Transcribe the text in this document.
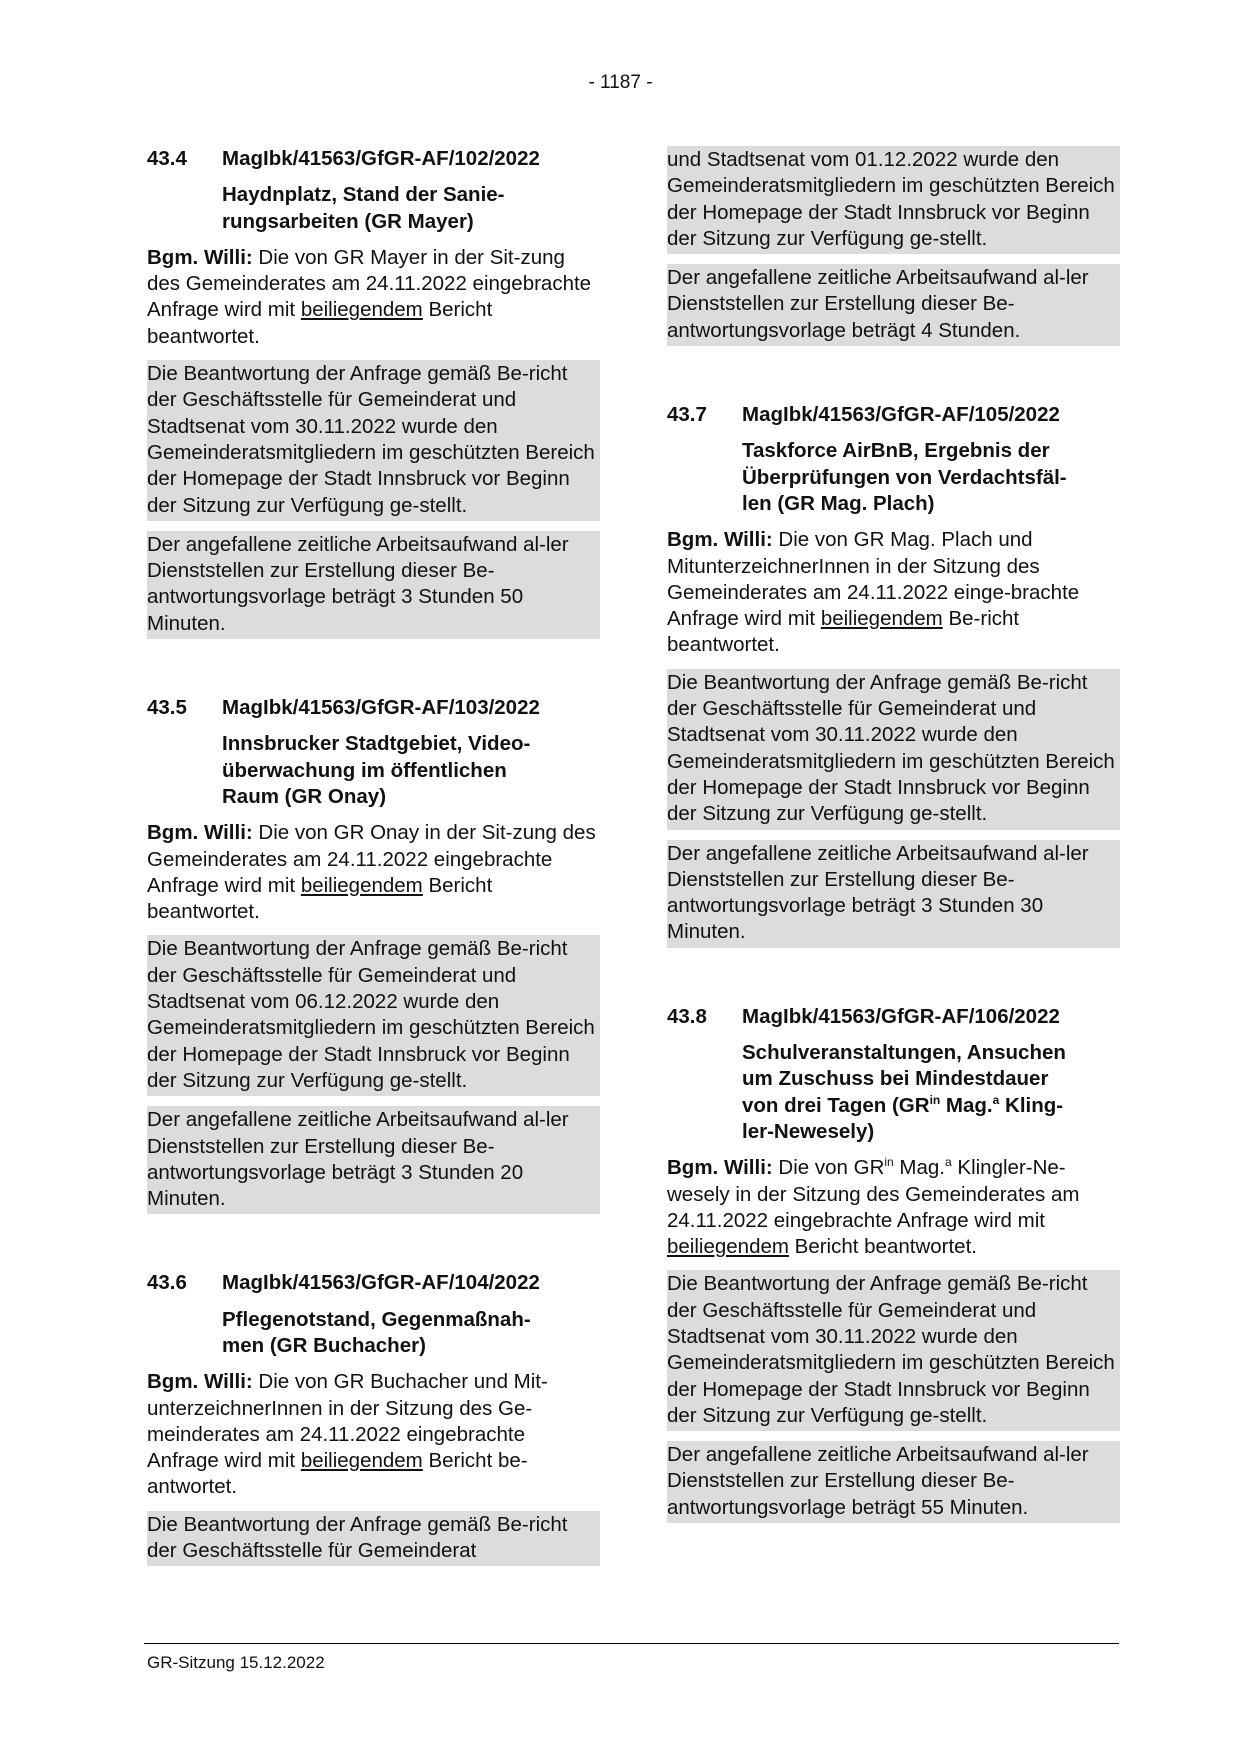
- 1187 -
43.4	MagIbk/41563/GfGR-AF/102/2022
Haydnplatz, Stand der Sanie-
rungsarbeiten (GR Mayer)

Bgm. Willi: Die von GR Mayer in der Sit-zung des Gemeinderates am 24.11.2022 eingebrachte Anfrage wird mit beiliegendem Bericht beantwortet.

Die Beantwortung der Anfrage gemäß Be-richt der Geschäftsstelle für Gemeinderat und Stadtsenat vom 30.11.2022 wurde den Gemeinderatsmitgliedern im geschützten Bereich der Homepage der Stadt Innsbruck vor Beginn der Sitzung zur Verfügung ge-stellt.

Der angefallene zeitliche Arbeitsaufwand al-ler Dienststellen zur Erstellung dieser Be-antwortungsvorlage beträgt 3 Stunden 50 Minuten.

43.5	MagIbk/41563/GfGR-AF/103/2022
Innsbrucker Stadtgebiet, Video-
überwachung im öffentlichen
Raum (GR Onay)

Bgm. Willi: Die von GR Onay in der Sit-zung des Gemeinderates am 24.11.2022 eingebrachte Anfrage wird mit beiliegendem Bericht beantwortet.

Die Beantwortung der Anfrage gemäß Be-richt der Geschäftsstelle für Gemeinderat und Stadtsenat vom 06.12.2022 wurde den Gemeinderatsmitgliedern im geschützten Bereich der Homepage der Stadt Innsbruck vor Beginn der Sitzung zur Verfügung ge-stellt.

Der angefallene zeitliche Arbeitsaufwand al-ler Dienststellen zur Erstellung dieser Be-antwortungsvorlage beträgt 3 Stunden 20 Minuten.

43.6	MagIbk/41563/GfGR-AF/104/2022
Pflegenotstand, Gegenmaßnah-
men (GR Buchacher)

Bgm. Willi: Die von GR Buchacher und Mit-unterzeichnerInnen in der Sitzung des Ge-meinderates am 24.11.2022 eingebrachte Anfrage wird mit beiliegendem Bericht be-antwortet.

Die Beantwortung der Anfrage gemäß Be-richt der Geschäftsstelle für Gemeinderat

und Stadtsenat vom 01.12.2022 wurde den Gemeinderatsmitgliedern im geschützten Bereich der Homepage der Stadt Innsbruck vor Beginn der Sitzung zur Verfügung ge-stellt.

Der angefallene zeitliche Arbeitsaufwand al-ler Dienststellen zur Erstellung dieser Be-antwortungsvorlage beträgt 4 Stunden.

43.7	MagIbk/41563/GfGR-AF/105/2022
Taskforce AirBnB, Ergebnis der
Überprüfungen von Verdachtsfäl-
len (GR Mag. Plach)

Bgm. Willi: Die von GR Mag. Plach und MitunterzeichnerInnen in der Sitzung des Gemeinderates am 24.11.2022 einge-brachte Anfrage wird mit beiliegendem Be-richt beantwortet.

Die Beantwortung der Anfrage gemäß Be-richt der Geschäftsstelle für Gemeinderat und Stadtsenat vom 30.11.2022 wurde den Gemeinderatsmitgliedern im geschützten Bereich der Homepage der Stadt Innsbruck vor Beginn der Sitzung zur Verfügung ge-stellt.

Der angefallene zeitliche Arbeitsaufwand al-ler Dienststellen zur Erstellung dieser Be-antwortungsvorlage beträgt 3 Stunden 30 Minuten.

43.8	MagIbk/41563/GfGR-AF/106/2022
Schulveranstaltungen, Ansuchen
um Zuschuss bei Mindestdauer
von drei Tagen ($GR^{in}$ Mag.$^a$ Kling-
ler-Newesely)

Bgm. Willi: Die von $GR^{in}$ Mag.$^a$ Klingler-Ne-wesely in der Sitzung des Gemeinderates am 24.11.2022 eingebrachte Anfrage wird mit beiliegendem Bericht beantwortet.

Die Beantwortung der Anfrage gemäß Be-richt der Geschäftsstelle für Gemeinderat und Stadtsenat vom 30.11.2022 wurde den Gemeinderatsmitgliedern im geschützten Bereich der Homepage der Stadt Innsbruck vor Beginn der Sitzung zur Verfügung ge-stellt.

Der angefallene zeitliche Arbeitsaufwand al-ler Dienststellen zur Erstellung dieser Be-antwortungsvorlage beträgt 55 Minuten.

GR-Sitzung 15.12.2022
